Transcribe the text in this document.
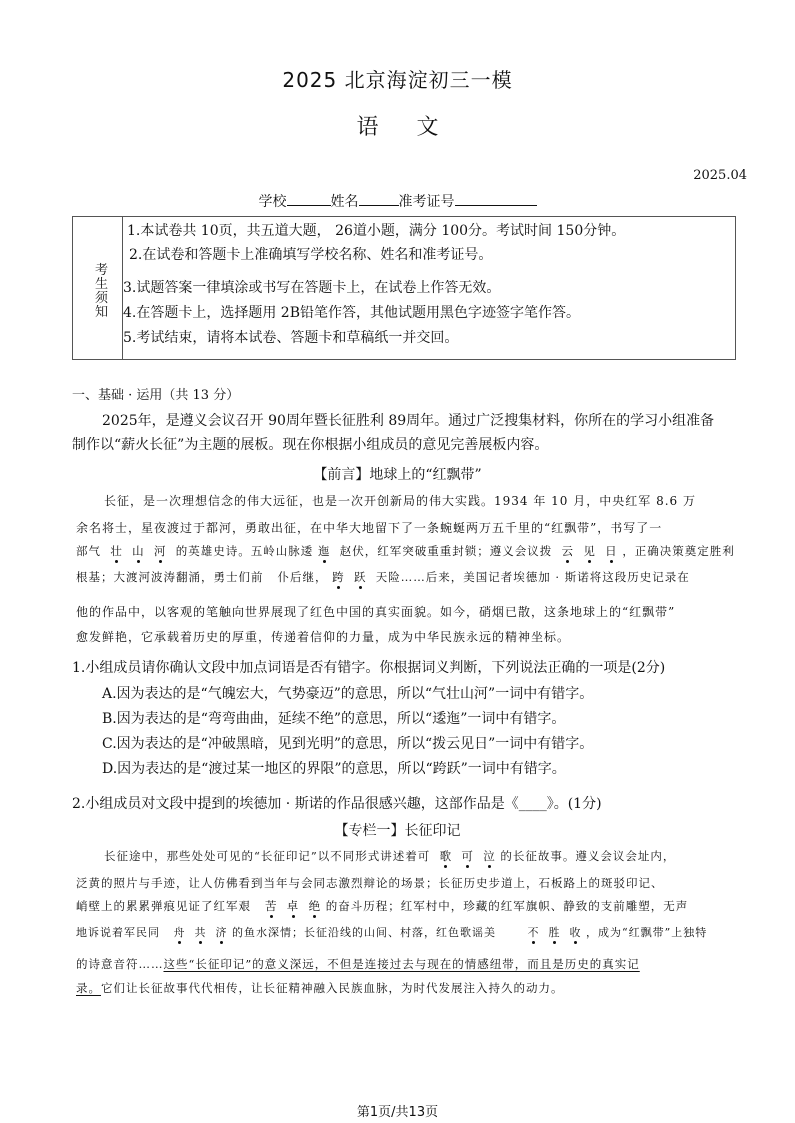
2025 北京海淀初三一模
语文
2025.04
学校	姓名	准考证号
考
生
须
知
1.本试卷共 10页，共五道大题， 26道小题，满分 100分。考试时间 150分钟。
2.在试卷和答题卡上准确填写学校名称、姓名和准考证号。
3.试题答案一律填涂或书写在答题卡上，在试卷上作答无效。
4.在答题卡上，选择题用 2B铅笔作答，其他试题用黑色字迹签字笔作答。
5.考试结束，请将本试卷、答题卡和草稿纸一并交回。
一、基础 · 运用（共 13 分）
2025年，是遵义会议召开 90周年暨长征胜利 89周年。通过广泛搜集材料，你所在的学习小组准备
制作以“薪火长征”为主题的展板。现在你根据小组成员的意见完善展板内容。
【前言】地球上的“红飘带”
长征，是一次理想信念的伟大远征，也是一次开创新局的伟大实践。1934 年 10 月，中央红军 8.6 万
余名将士，星夜渡过于都河，勇敢出征，在中华大地留下了一条蜿蜒两万五千里的“红飘带”，书写了一
部气 壮 山 河 的英雄史诗。五岭山脉逶 迤 赵伏，红军突破重重封锁；遵义会议拨 云 见 日 ，正确决策奠定胜利
根基；大渡河波涛翻涌，勇士们前 仆后继， 跨 跃 天险……后来，美国记者埃德加 · 斯诺将这段历史记录在
他的作品中，以客观的笔触向世界展现了红色中国的真实面貌。如今，硝烟已散，这条地球上的“红飘带”
愈发鲜艳，它承载着历史的厚重，传递着信仰的力量，成为中华民族永远的精神坐标。
1.小组成员请你确认文段中加点词语是否有错字。你根据词义判断，下列说法正确的一项是(2分)
A.因为表达的是“气魄宏大，气势豪迈”的意思，所以“气壮山河”一词中有错字。
B.因为表达的是“弯弯曲曲，延续不绝”的意思，所以“逶迤”一词中有错字。
C.因为表达的是“冲破黑暗，见到光明”的意思，所以“拨云见日”一词中有错字。
D.因为表达的是“渡过某一地区的界限”的意思，所以“跨跃”一词中有错字。
2.小组成员对文段中提到的埃德加 · 斯诺的作品很感兴趣，这部作品是《____》。(1分)
【专栏一】长征印记
长征途中，那些处处可见的“长征印记”以不同形式讲述着可 歌 可 泣 的长征故事。遵义会议会址内，
泛黄的照片与手迹，让人仿佛看到当年与会同志激烈辩论的场景；长征历史步道上，石板路上的斑驳印记、
峭壁上的累累弹痕见证了红军艰 苦 卓 绝 的奋斗历程；红军村中，珍藏的红军旗帜、静致的支前雕塑，无声
地诉说着军民同 舟 共 济 的鱼水深情；长征沿线的山间、村落，红色歌谣美	不 胜 收 ，成为“红飘带”上独特
的诗意音符……这些“长征印记”的意义深远，不但是连接过去与现在的情感纽带，而且是历史的真实记
录。它们让长征故事代代相传，让长征精神融入民族血脉，为时代发展注入持久的动力。
第1页/共13页
